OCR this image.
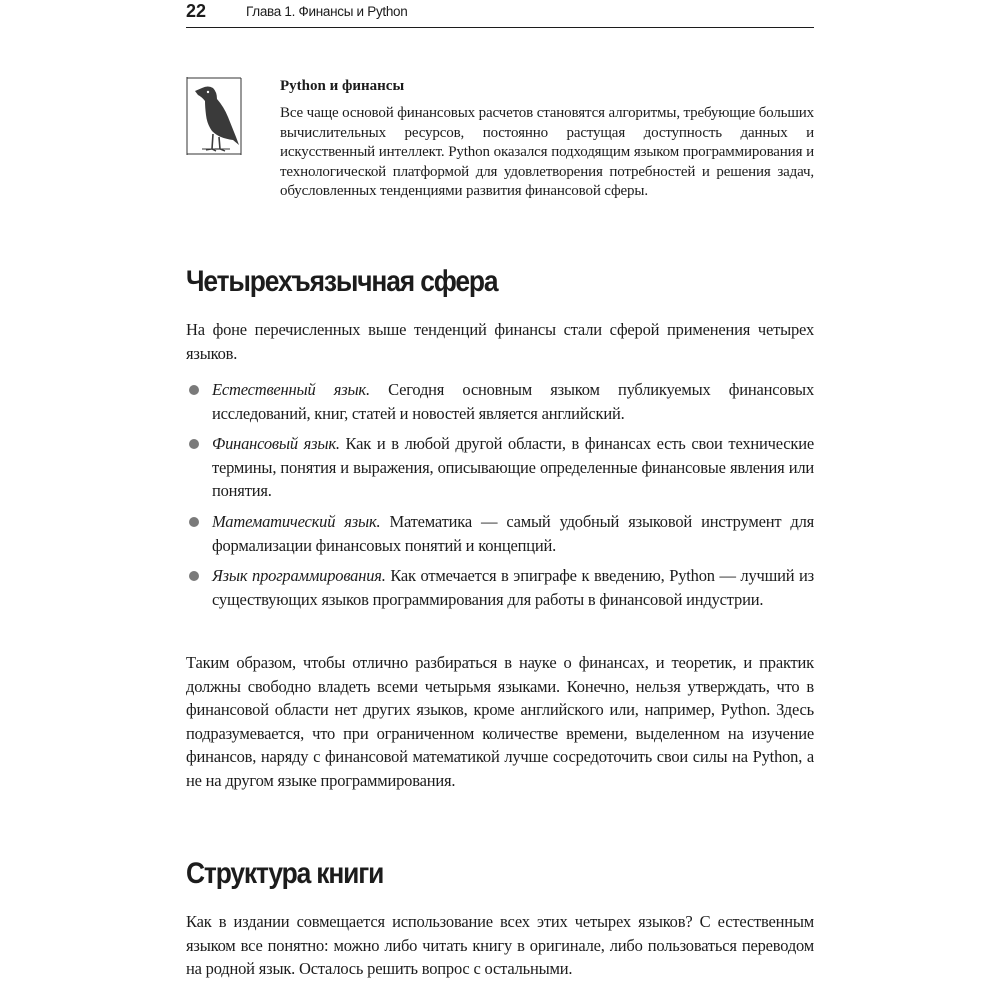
22	Глава 1. Финансы и Python

Python и финансы

Все чаще основой финансовых расчетов становятся алгоритмы, требующие больших вычислительных ресурсов, постоянно растущая доступность данных и искусственный интеллект. Python оказался подходящим языком программирования и технологической платформой для удовлетворения потребностей и решения задач, обусловленных тенденциями развития финансовой сферы.

Четырехъязычная сфера

На фоне перечисленных выше тенденций финансы стали сферой применения четырех языков.

Естественный язык. Сегодня основным языком публикуемых финансовых исследований, книг, статей и новостей является английский.
Финансовый язык. Как и в любой другой области, в финансах есть свои технические термины, понятия и выражения, описывающие определенные финансовые явления или понятия.
Математический язык. Математика — самый удобный языковой инструмент для формализации финансовых понятий и концепций.
Язык программирования. Как отмечается в эпиграфе к введению, Python — лучший из существующих языков программирования для работы в финансовой индустрии.

Таким образом, чтобы отлично разбираться в науке о финансах, и теоретик, и практик должны свободно владеть всеми четырьмя языками. Конечно, нельзя утверждать, что в финансовой области нет других языков, кроме английского или, например, Python. Здесь подразумевается, что при ограниченном количестве времени, выделенном на изучение финансов, наряду с финансовой математикой лучше сосредоточить свои силы на Python, а не на другом языке программирования.

Структура книги

Как в издании совмещается использование всех этих четырех языков? С естественным языком все понятно: можно либо читать книгу в оригинале, либо пользоваться переводом на родной язык. Осталось решить вопрос с остальными.
